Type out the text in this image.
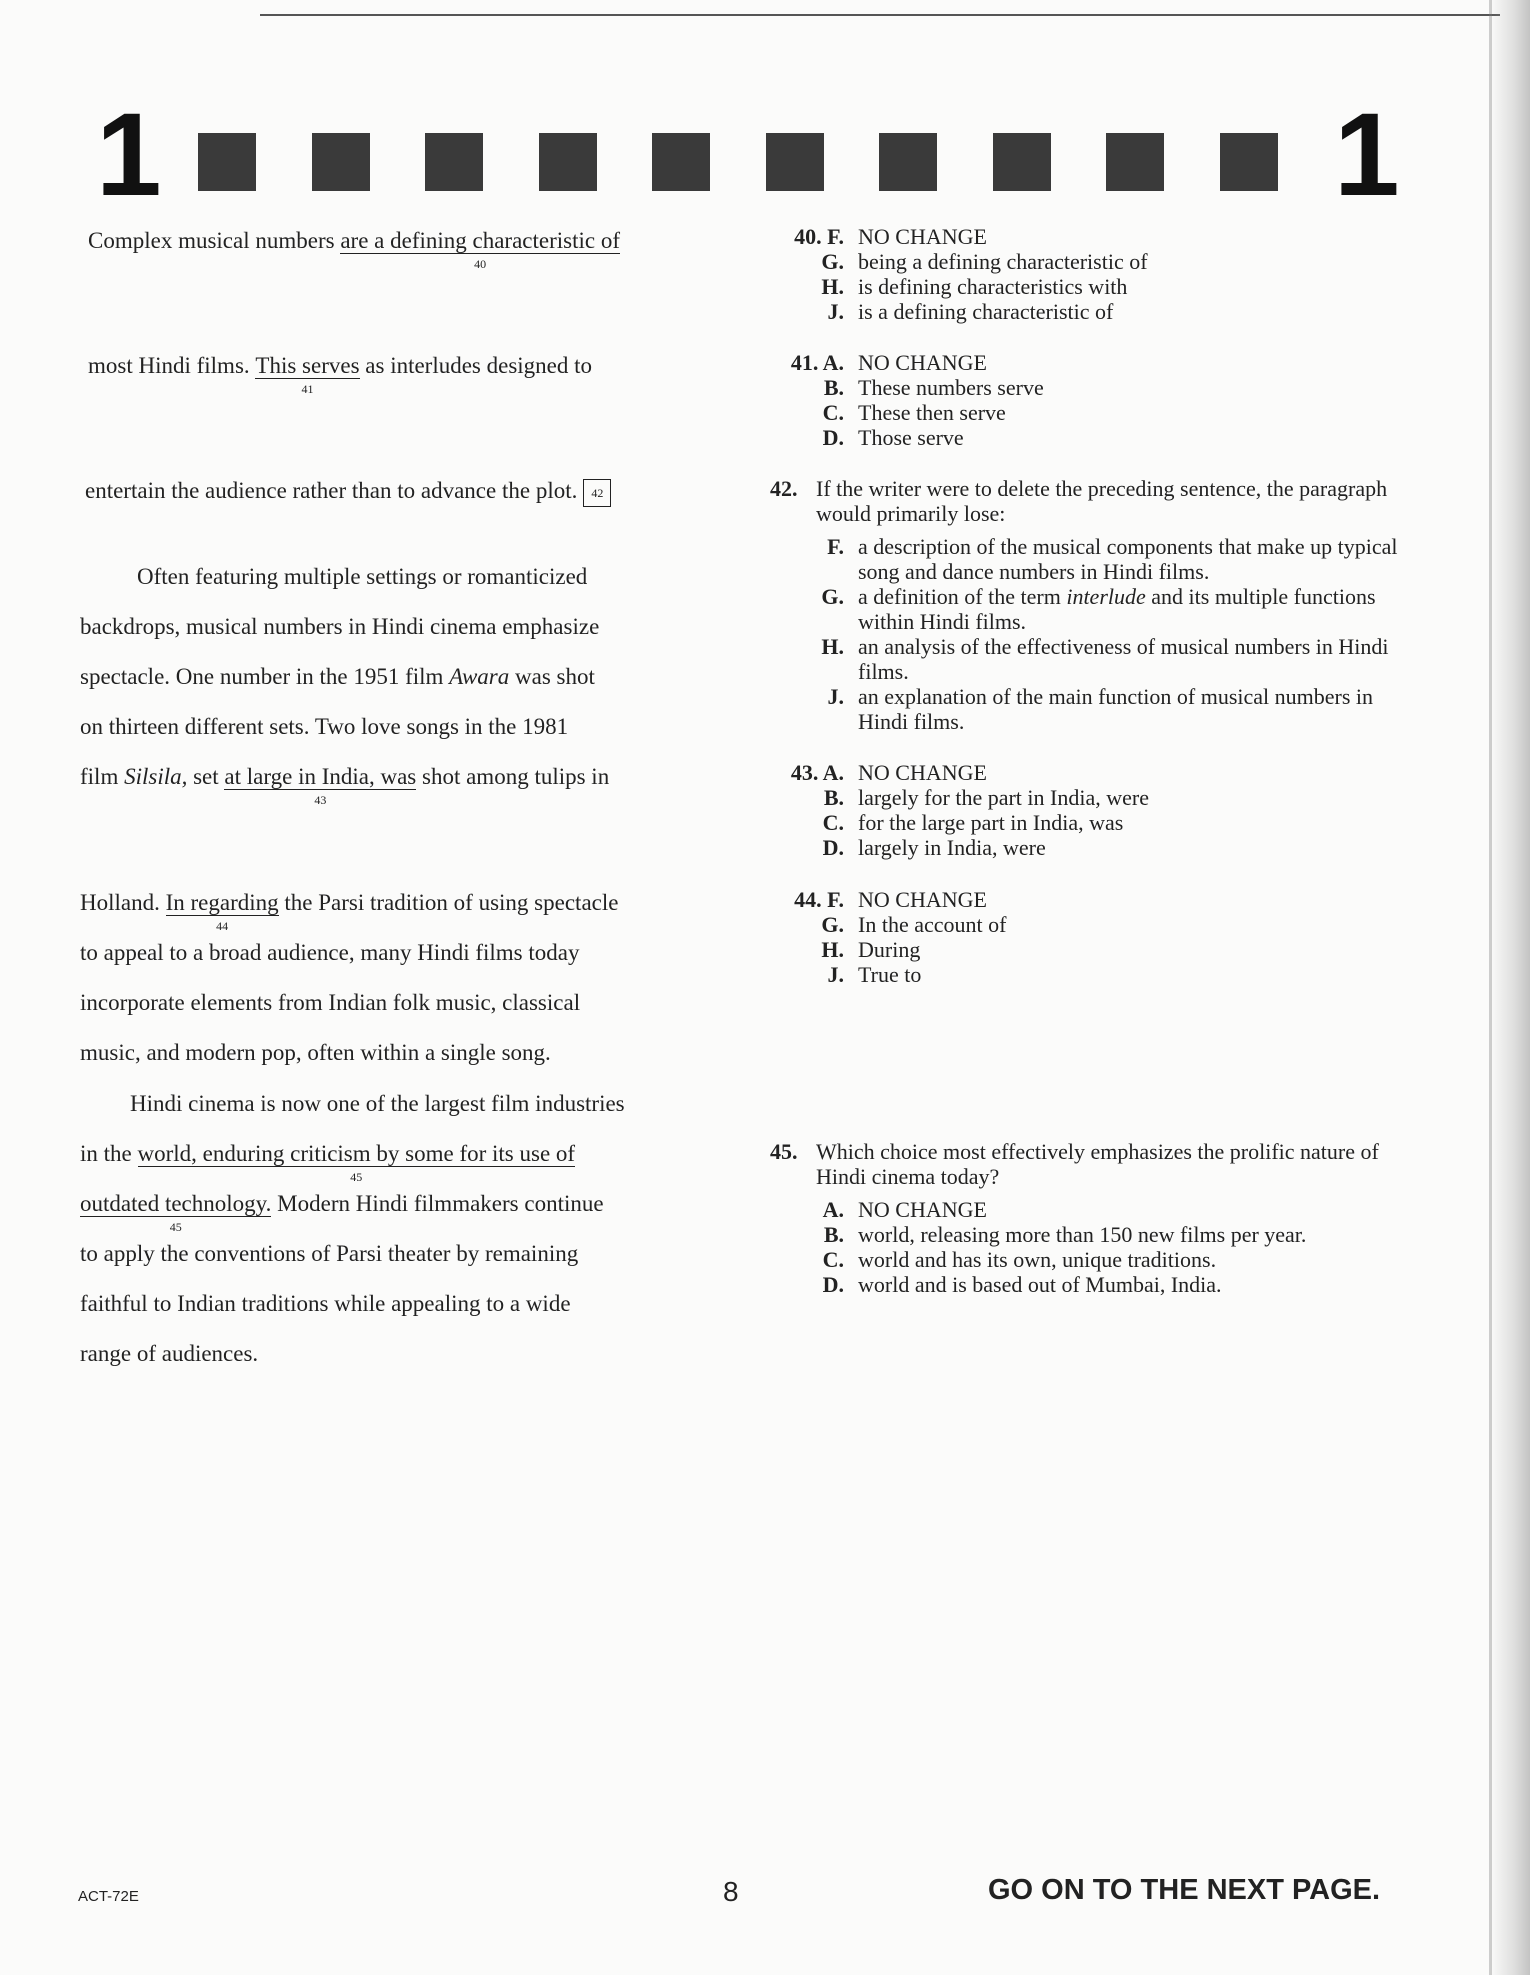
1	1
Complex musical numbers are a defining characteristic of
40
most Hindi films. This serves
41
as interludes designed to
entertain the audience rather than to advance the plot. 42
Often featuring multiple settings or romanticized
backdrops, musical numbers in Hindi cinema emphasize
spectacle. One number in the 1951 film Awara was shot
on thirteen different sets. Two love songs in the 1981
film Silsila, set at large in India, was
43
shot among tulips in
Holland. In regarding
44
the Parsi tradition of using spectacle
to appeal to a broad audience, many Hindi films today
incorporate elements from Indian folk music, classical
music, and modern pop, often within a single song.
Hindi cinema is now one of the largest film industries
in the world, enduring criticism by some for its use of
45
outdated technology.
45
Modern Hindi filmmakers continue
to apply the conventions of Parsi theater by remaining
faithful to Indian traditions while appealing to a wide
range of audiences.
40. F. NO CHANGE
G. being a defining characteristic of
H. is defining characteristics with
J. is a defining characteristic of
41. A. NO CHANGE
B. These numbers serve
C. These then serve
D. Those serve
42. If the writer were to delete the preceding sentence, the paragraph would primarily lose:
F. a description of the musical components that make up typical song and dance numbers in Hindi films.
G. a definition of the term interlude and its multiple functions within Hindi films.
H. an analysis of the effectiveness of musical numbers in Hindi films.
J. an explanation of the main function of musical numbers in Hindi films.
43. A. NO CHANGE
B. largely for the part in India, were
C. for the large part in India, was
D. largely in India, were
44. F. NO CHANGE
G. In the account of
H. During
J. True to
45. Which choice most effectively emphasizes the prolific nature of Hindi cinema today?
A. NO CHANGE
B. world, releasing more than 150 new films per year.
C. world and has its own, unique traditions.
D. world and is based out of Mumbai, India.
ACT-72E	8	GO ON TO THE NEXT PAGE.
